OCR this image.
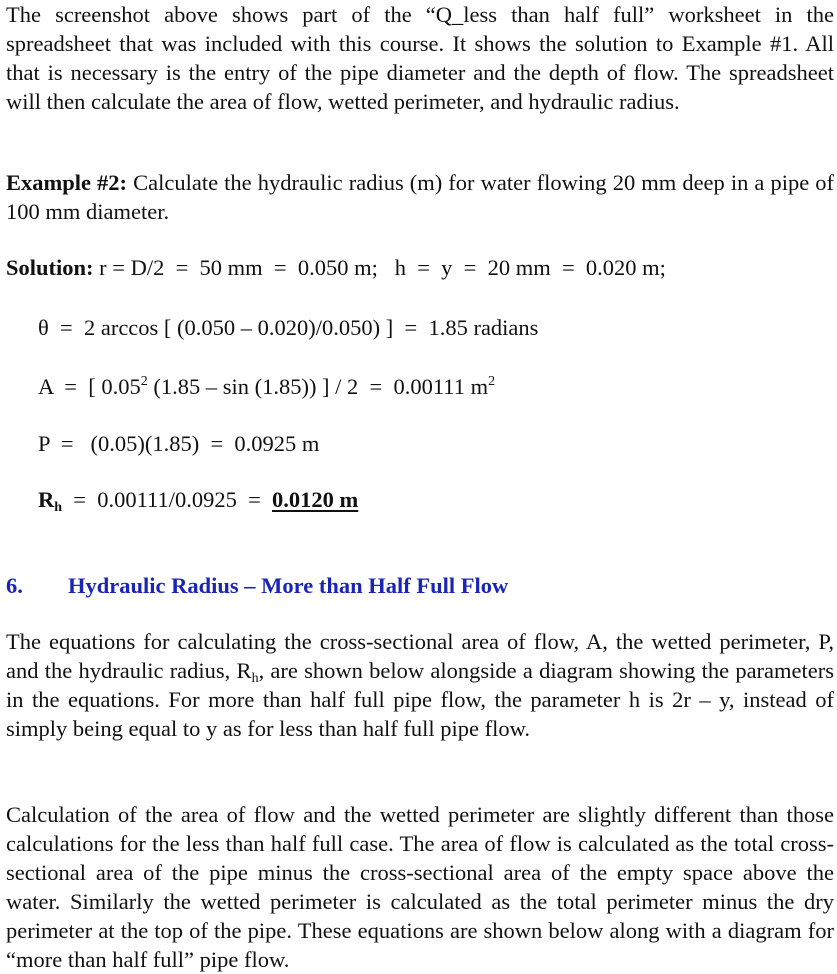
The screenshot above shows part of the “Q_less than half full” worksheet in the spreadsheet that was included with this course. It shows the solution to Example #1. All that is necessary is the entry of the pipe diameter and the depth of flow. The spreadsheet will then calculate the area of flow, wetted perimeter, and hydraulic radius.

Example #2: Calculate the hydraulic radius (m) for water flowing 20 mm deep in a pipe of 100 mm diameter.

Solution: r = D/2  =  50 mm  =  0.050 m;   h  =  y  =  20 mm  =  0.020 m;
θ  =  2 arccos [ (0.050 – 0.020)/0.050) ]  =  1.85 radians
A  =  [ 0.05$^2$ (1.85 – sin (1.85)) ] / 2  =  0.00111 $m^2$
P  =   (0.05)(1.85)  =  0.0925 m
$R_h = 0.00111/0.0925 = 0.0120$ m
6. Hydraulic Radius – More than Half Full Flow

The equations for calculating the cross-sectional area of flow, A, the wetted perimeter, P, and the hydraulic radius, $R_h$, are shown below alongside a diagram showing the parameters in the equations. For more than half full pipe flow, the parameter h is 2r – y, instead of simply being equal to y as for less than half full pipe flow.

Calculation of the area of flow and the wetted perimeter are slightly different than those calculations for the less than half full case. The area of flow is calculated as the total cross-sectional area of the pipe minus the cross-sectional area of the empty space above the water. Similarly the wetted perimeter is calculated as the total perimeter minus the dry perimeter at the top of the pipe. These equations are shown below along with a diagram for “more than half full” pipe flow.
